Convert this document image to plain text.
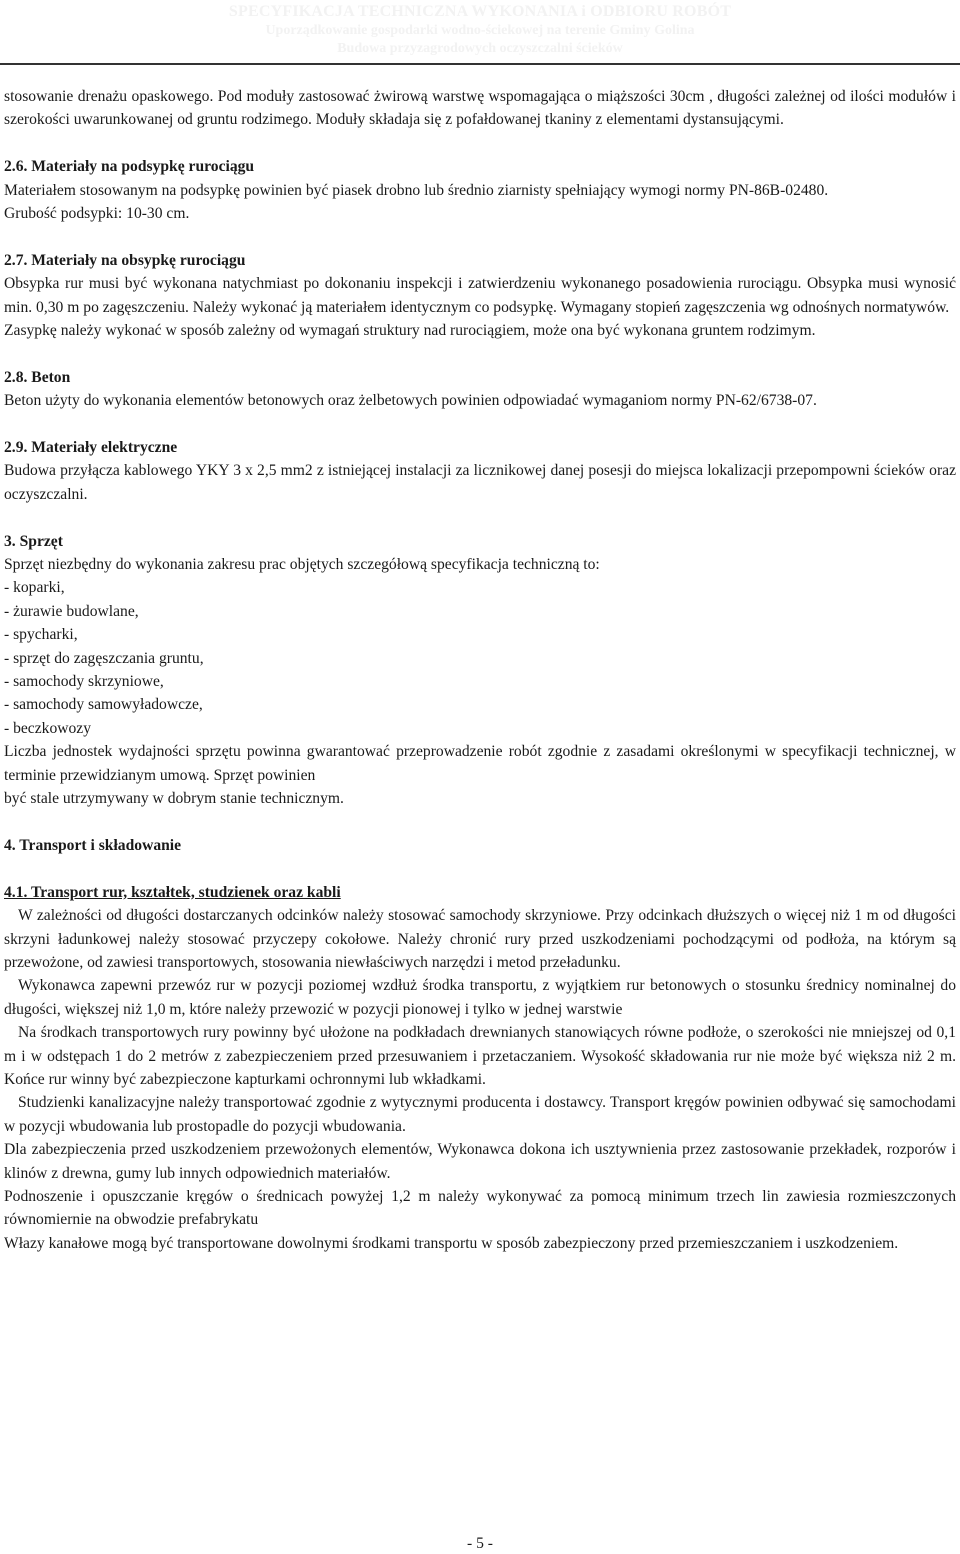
SPECYFIKACJA TECHNICZNA WYKONANIA i ODBIORU ROBÓT
Uporządkowanie gospodarki wodno-ściekowej na terenie Gminy Golina
Budowa przyzagrodowych oczyszczalni ścieków

stosowanie drenażu opaskowego. Pod moduły zastosować żwirową warstwę wspomagająca o miąższości 30cm , długości zależnej od ilości modułów i szerokości uwarunkowanej od gruntu rodzimego. Moduły składaja się z pofałdowanej tkaniny z elementami dystansującymi.

2.6. Materiały na podsypkę rurociągu

Materiałem stosowanym na podsypkę powinien być piasek drobno lub średnio ziarnisty spełniający wymogi normy PN-86B-02480.

Grubość podsypki: 10-30 cm.

2.7. Materiały na obsypkę rurociągu

Obsypka rur musi być wykonana natychmiast po dokonaniu inspekcji i zatwierdzeniu wykonanego posadowienia rurociągu. Obsypka musi wynosić min. 0,30 m po zagęszczeniu. Należy wykonać ją materiałem identycznym co podsypkę. Wymagany stopień zagęszczenia wg odnośnych normatywów.

Zasypkę należy wykonać w sposób zależny od wymagań struktury nad rurociągiem, może ona być wykonana gruntem rodzimym.

2.8. Beton

Beton użyty do wykonania elementów betonowych oraz żelbetowych powinien odpowiadać wymaganiom normy PN-62/6738-07.

2.9. Materiały elektryczne

Budowa przyłącza kablowego YKY 3 x 2,5 mm2 z istniejącej instalacji za licznikowej danej posesji do miejsca lokalizacji przepompowni ścieków oraz oczyszczalni.

3. Sprzęt

Sprzęt niezbędny do wykonania zakresu prac objętych szczegółową specyfikacja techniczną to:

- koparki,

- żurawie budowlane,

- spycharki,

- sprzęt do zagęszczania gruntu,

- samochody skrzyniowe,

- samochody samowyładowcze,

- beczkowozy

Liczba jednostek wydajności sprzętu powinna gwarantować przeprowadzenie robót zgodnie z zasadami określonymi w specyfikacji technicznej, w terminie przewidzianym umową. Sprzęt powinien

być stale utrzymywany w dobrym stanie technicznym.

4. Transport i składowanie

4.1. Transport rur, kształtek, studzienek oraz kabli

W zależności od długości dostarczanych odcinków należy stosować samochody skrzyniowe. Przy odcinkach dłuższych o więcej niż 1 m od długości skrzyni ładunkowej należy stosować przyczepy cokołowe. Należy chronić rury przed uszkodzeniami pochodzącymi od podłoża, na którym są przewożone, od zawiesi transportowych, stosowania niewłaściwych narzędzi i metod przeładunku.

Wykonawca zapewni przewóz rur w pozycji poziomej wzdłuż środka transportu, z wyjątkiem rur betonowych o stosunku średnicy nominalnej do długości, większej niż 1,0 m, które należy przewozić w pozycji pionowej i tylko w jednej warstwie

Na środkach transportowych rury powinny być ułożone na podkładach drewnianych stanowiących równe podłoże, o szerokości nie mniejszej od 0,1 m i w odstępach 1 do 2 metrów z zabezpieczeniem przed przesuwaniem i przetaczaniem. Wysokość składowania rur nie może być większa niż 2 m. Końce rur winny być zabezpieczone kapturkami ochronnymi lub wkładkami.

Studzienki kanalizacyjne należy transportować zgodnie z wytycznymi producenta i dostawcy. Transport kręgów powinien odbywać się samochodami w pozycji wbudowania lub prostopadle do pozycji wbudowania.

Dla zabezpieczenia przed uszkodzeniem przewożonych elementów, Wykonawca dokona ich usztywnienia przez zastosowanie przekładek, rozporów i klinów z drewna, gumy lub innych odpowiednich materiałów.

Podnoszenie i opuszczanie kręgów o średnicach powyżej 1,2 m należy wykonywać za pomocą minimum trzech lin zawiesia rozmieszczonych równomiernie na obwodzie prefabrykatu

Włazy kanałowe mogą być transportowane dowolnymi środkami transportu w sposób zabezpieczony przed przemieszczaniem i uszkodzeniem.

- 5 -
